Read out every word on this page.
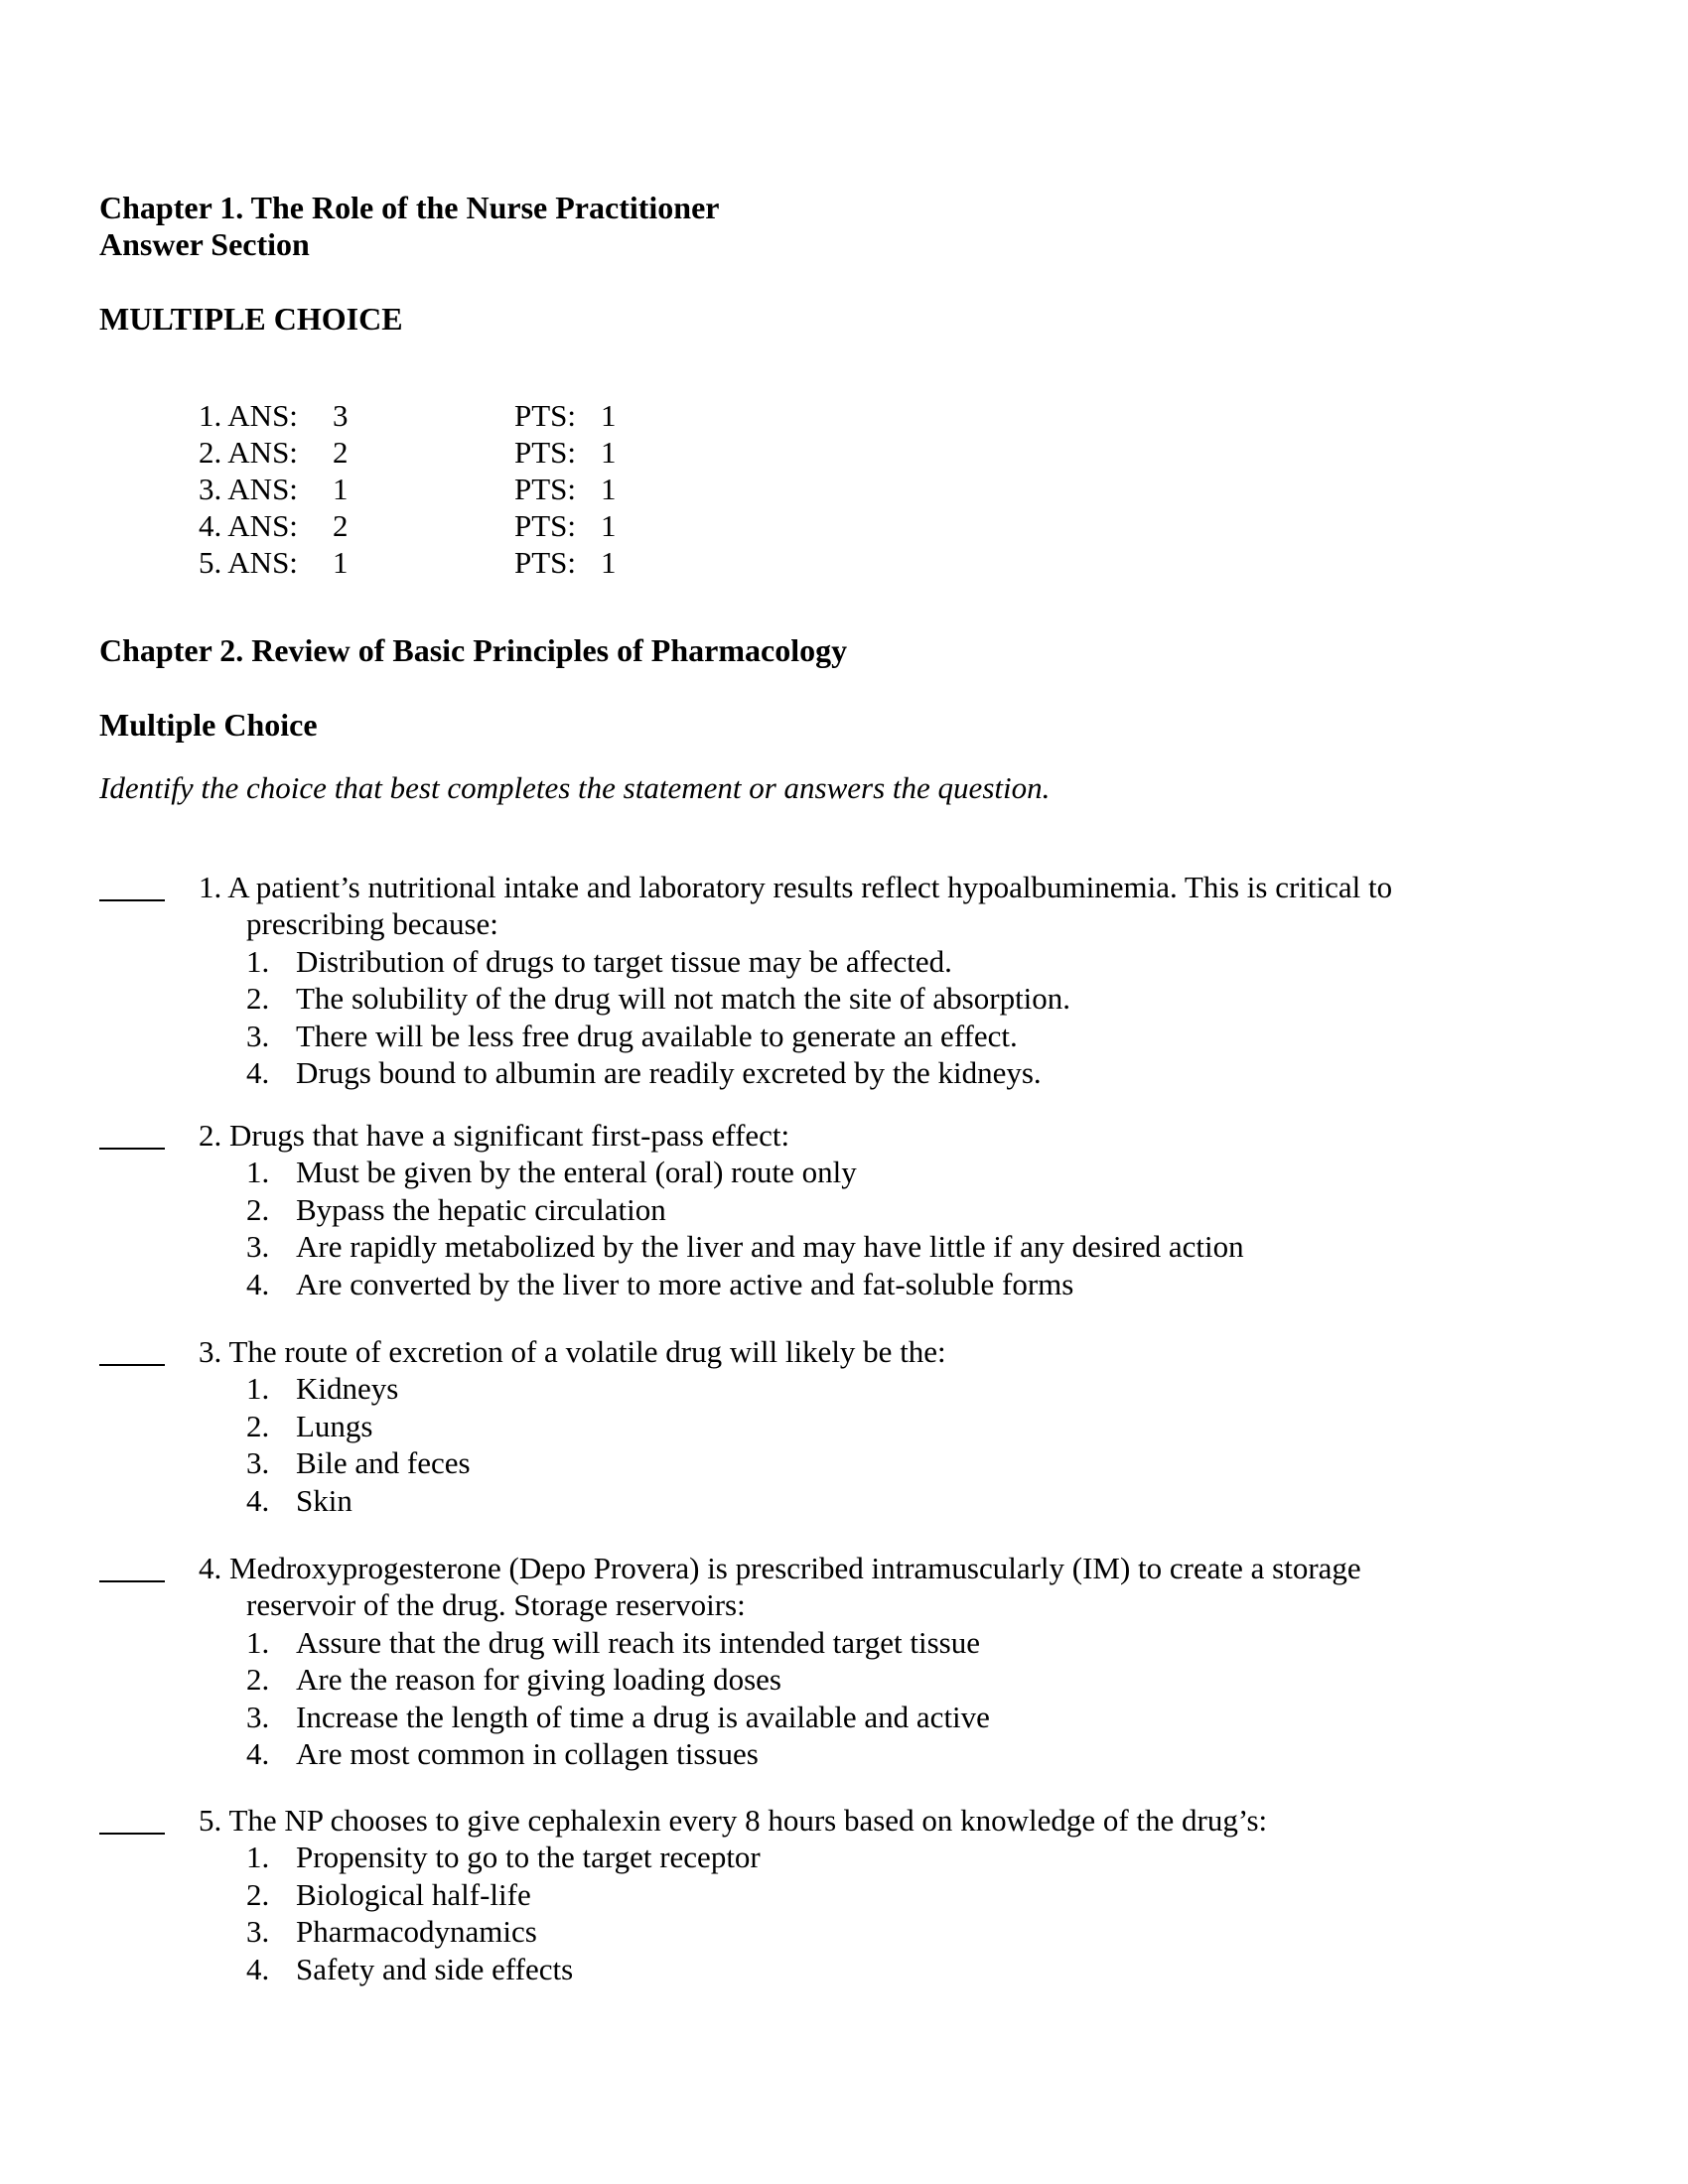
Chapter 1. The Role of the Nurse Practitioner
Answer Section
MULTIPLE CHOICE
1. ANS: 3	PTS: 1
2. ANS: 2	PTS: 1
3. ANS: 1	PTS: 1
4. ANS: 2	PTS: 1
5. ANS: 1	PTS: 1
Chapter 2. Review of Basic Principles of Pharmacology
Multiple Choice
Identify the choice that best completes the statement or answers the question.
1. A patient’s nutritional intake and laboratory results reflect hypoalbuminemia. This is critical to
prescribing because:
1. Distribution of drugs to target tissue may be affected.
2. The solubility of the drug will not match the site of absorption.
3. There will be less free drug available to generate an effect.
4. Drugs bound to albumin are readily excreted by the kidneys.
2. Drugs that have a significant first-pass effect:
1. Must be given by the enteral (oral) route only
2. Bypass the hepatic circulation
3. Are rapidly metabolized by the liver and may have little if any desired action
4. Are converted by the liver to more active and fat-soluble forms
3. The route of excretion of a volatile drug will likely be the:
1. Kidneys
2. Lungs
3. Bile and feces
4. Skin
4. Medroxyprogesterone (Depo Provera) is prescribed intramuscularly (IM) to create a storage
reservoir of the drug. Storage reservoirs:
1. Assure that the drug will reach its intended target tissue
2. Are the reason for giving loading doses
3. Increase the length of time a drug is available and active
4. Are most common in collagen tissues
5. The NP chooses to give cephalexin every 8 hours based on knowledge of the drug’s:
1. Propensity to go to the target receptor
2. Biological half-life
3. Pharmacodynamics
4. Safety and side effects
